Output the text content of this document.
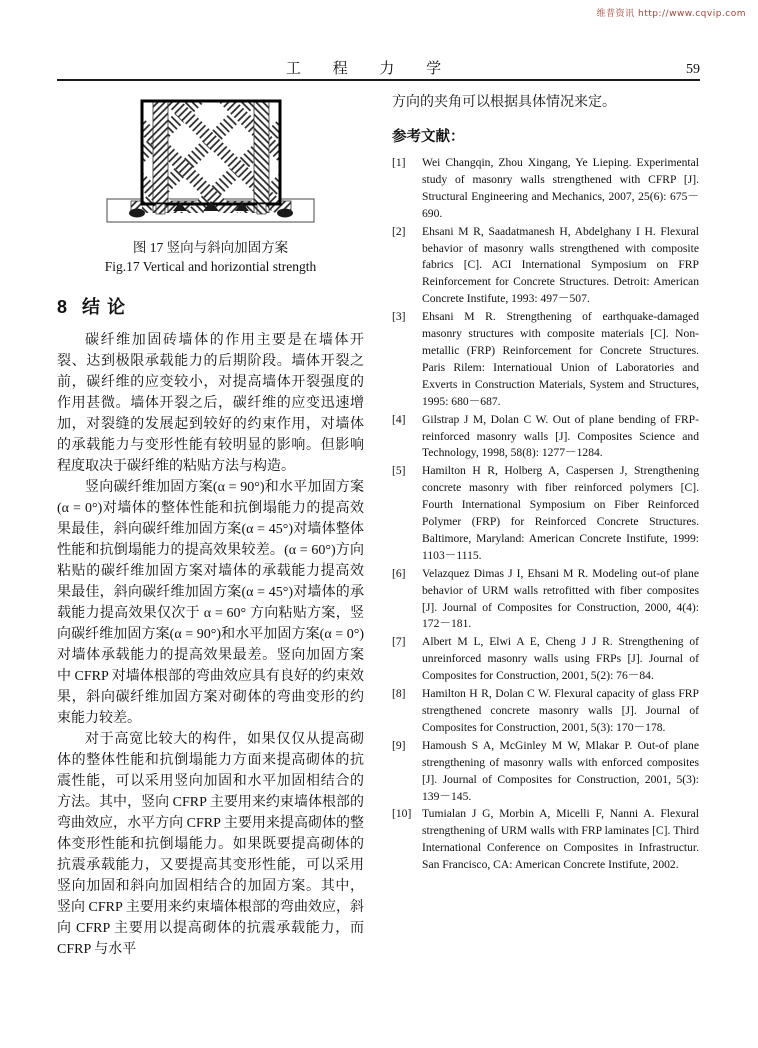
维普资讯 http://www.cqvip.com
工 程 力 学	59
图 17 竖向与斜向加固方案
Fig.17 Vertical and horizontial strength
8 结 论

碳纤维加固砖墙体的作用主要是在墙体开裂、达到极限承载能力的后期阶段。墙体开裂之前，碳纤维的应变较小，对提高墙体开裂强度的作用甚微。墙体开裂之后，碳纤维的应变迅速增加，对裂缝的发展起到较好的约束作用，对墙体的承载能力与变形性能有较明显的影响。但影响程度取决于碳纤维的粘贴方法与构造。

竖向碳纤维加固方案(α = 90°)和水平加固方案(α = 0°)对墙体的整体性能和抗倒塌能力的提高效果最佳，斜向碳纤维加固方案(α = 45°)对墙体整体性能和抗倒塌能力的提高效果较差。(α = 60°)方向粘贴的碳纤维加固方案对墙体的承载能力提高效果最佳，斜向碳纤维加固方案(α = 45°)对墙体的承载能力提高效果仅次于 α = 60° 方向粘贴方案，竖向碳纤维加固方案(α = 90°)和水平加固方案(α = 0°)对墙体承载能力的提高效果最差。竖向加固方案中 CFRP 对墙体根部的弯曲效应具有良好的约束效果，斜向碳纤维加固方案对砌体的弯曲变形的约束能力较差。

对于高宽比较大的构件，如果仅仅从提高砌体的整体性能和抗倒塌能力方面来提高砌体的抗震性能，可以采用竖向加固和水平加固相结合的方法。其中，竖向 CFRP 主要用来约束墙体根部的弯曲效应，水平方向 CFRP 主要用来提高砌体的整体变形性能和抗倒塌能力。如果既要提高砌体的抗震承载能力，又要提高其变形性能，可以采用竖向加固和斜向加固相结合的加固方案。其中，竖向 CFRP 主要用来约束墙体根部的弯曲效应，斜向 CFRP 主要用以提高砌体的抗震承载能力，而 CFRP 与水平

方向的夹角可以根据具体情况来定。

参考文献：
[1]	Wei Changqin, Zhou Xingang, Ye Lieping. Experimental study of masonry walls strengthened with CFRP [J]. Structural Engineering and Mechanics, 2007, 25(6): 675－690.
[2]	Ehsani M R, Saadatmanesh H, Abdelghany I H. Flexural behavior of masonry walls strengthened with composite fabrics [C]. ACI International Symposium on FRP Reinforcement for Concrete Structures. Detroit: American Concrete Instifute, 1993: 497－507.
[3]	Ehsani M R. Strengthening of earthquake-damaged masonry structures with composite materials [C]. Non-metallic (FRP) Reinforcement for Concrete Structures. Paris Rilem: Internatioual Union of Laboratories and Exverts in Construction Materials, System and Structures, 1995: 680－687.
[4]	Gilstrap J M, Dolan C W. Out of plane bending of FRP-reinforced masonry walls [J]. Composites Science and Technology, 1998, 58(8): 1277－1284.
[5]	Hamilton H R, Holberg A, Caspersen J, Strengthening concrete masonry with fiber reinforced polymers [C]. Fourth International Symposium on Fiber Reinforced Polymer (FRP) for Reinforced Concrete Structures. Baltimore, Maryland: American Concrete Instifute, 1999: 1103－1115.
[6]	Velazquez Dimas J I, Ehsani M R. Modeling out-of plane behavior of URM walls retrofitted with fiber composites [J]. Journal of Composites for Construction, 2000, 4(4): 172－181.
[7]	Albert M L, Elwi A E, Cheng J J R. Strengthening of unreinforced masonry walls using FRPs [J]. Journal of Composites for Construction, 2001, 5(2): 76－84.
[8]	Hamilton H R, Dolan C W. Flexural capacity of glass FRP strengthened concrete masonry walls [J]. Journal of Composites for Construction, 2001, 5(3): 170－178.
[9]	Hamoush S A, McGinley M W, Mlakar P. Out-of plane strengthening of masonry walls with enforced composites [J]. Journal of Composites for Construction, 2001, 5(3): 139－145.
[10] Tumialan J G, Morbin A, Micelli F, Nanni A. Flexural strengthening of URM walls with FRP laminates [C]. Third International Conference on Composites in Infrastructur. San Francisco, CA: American Concrete Instifute, 2002.
